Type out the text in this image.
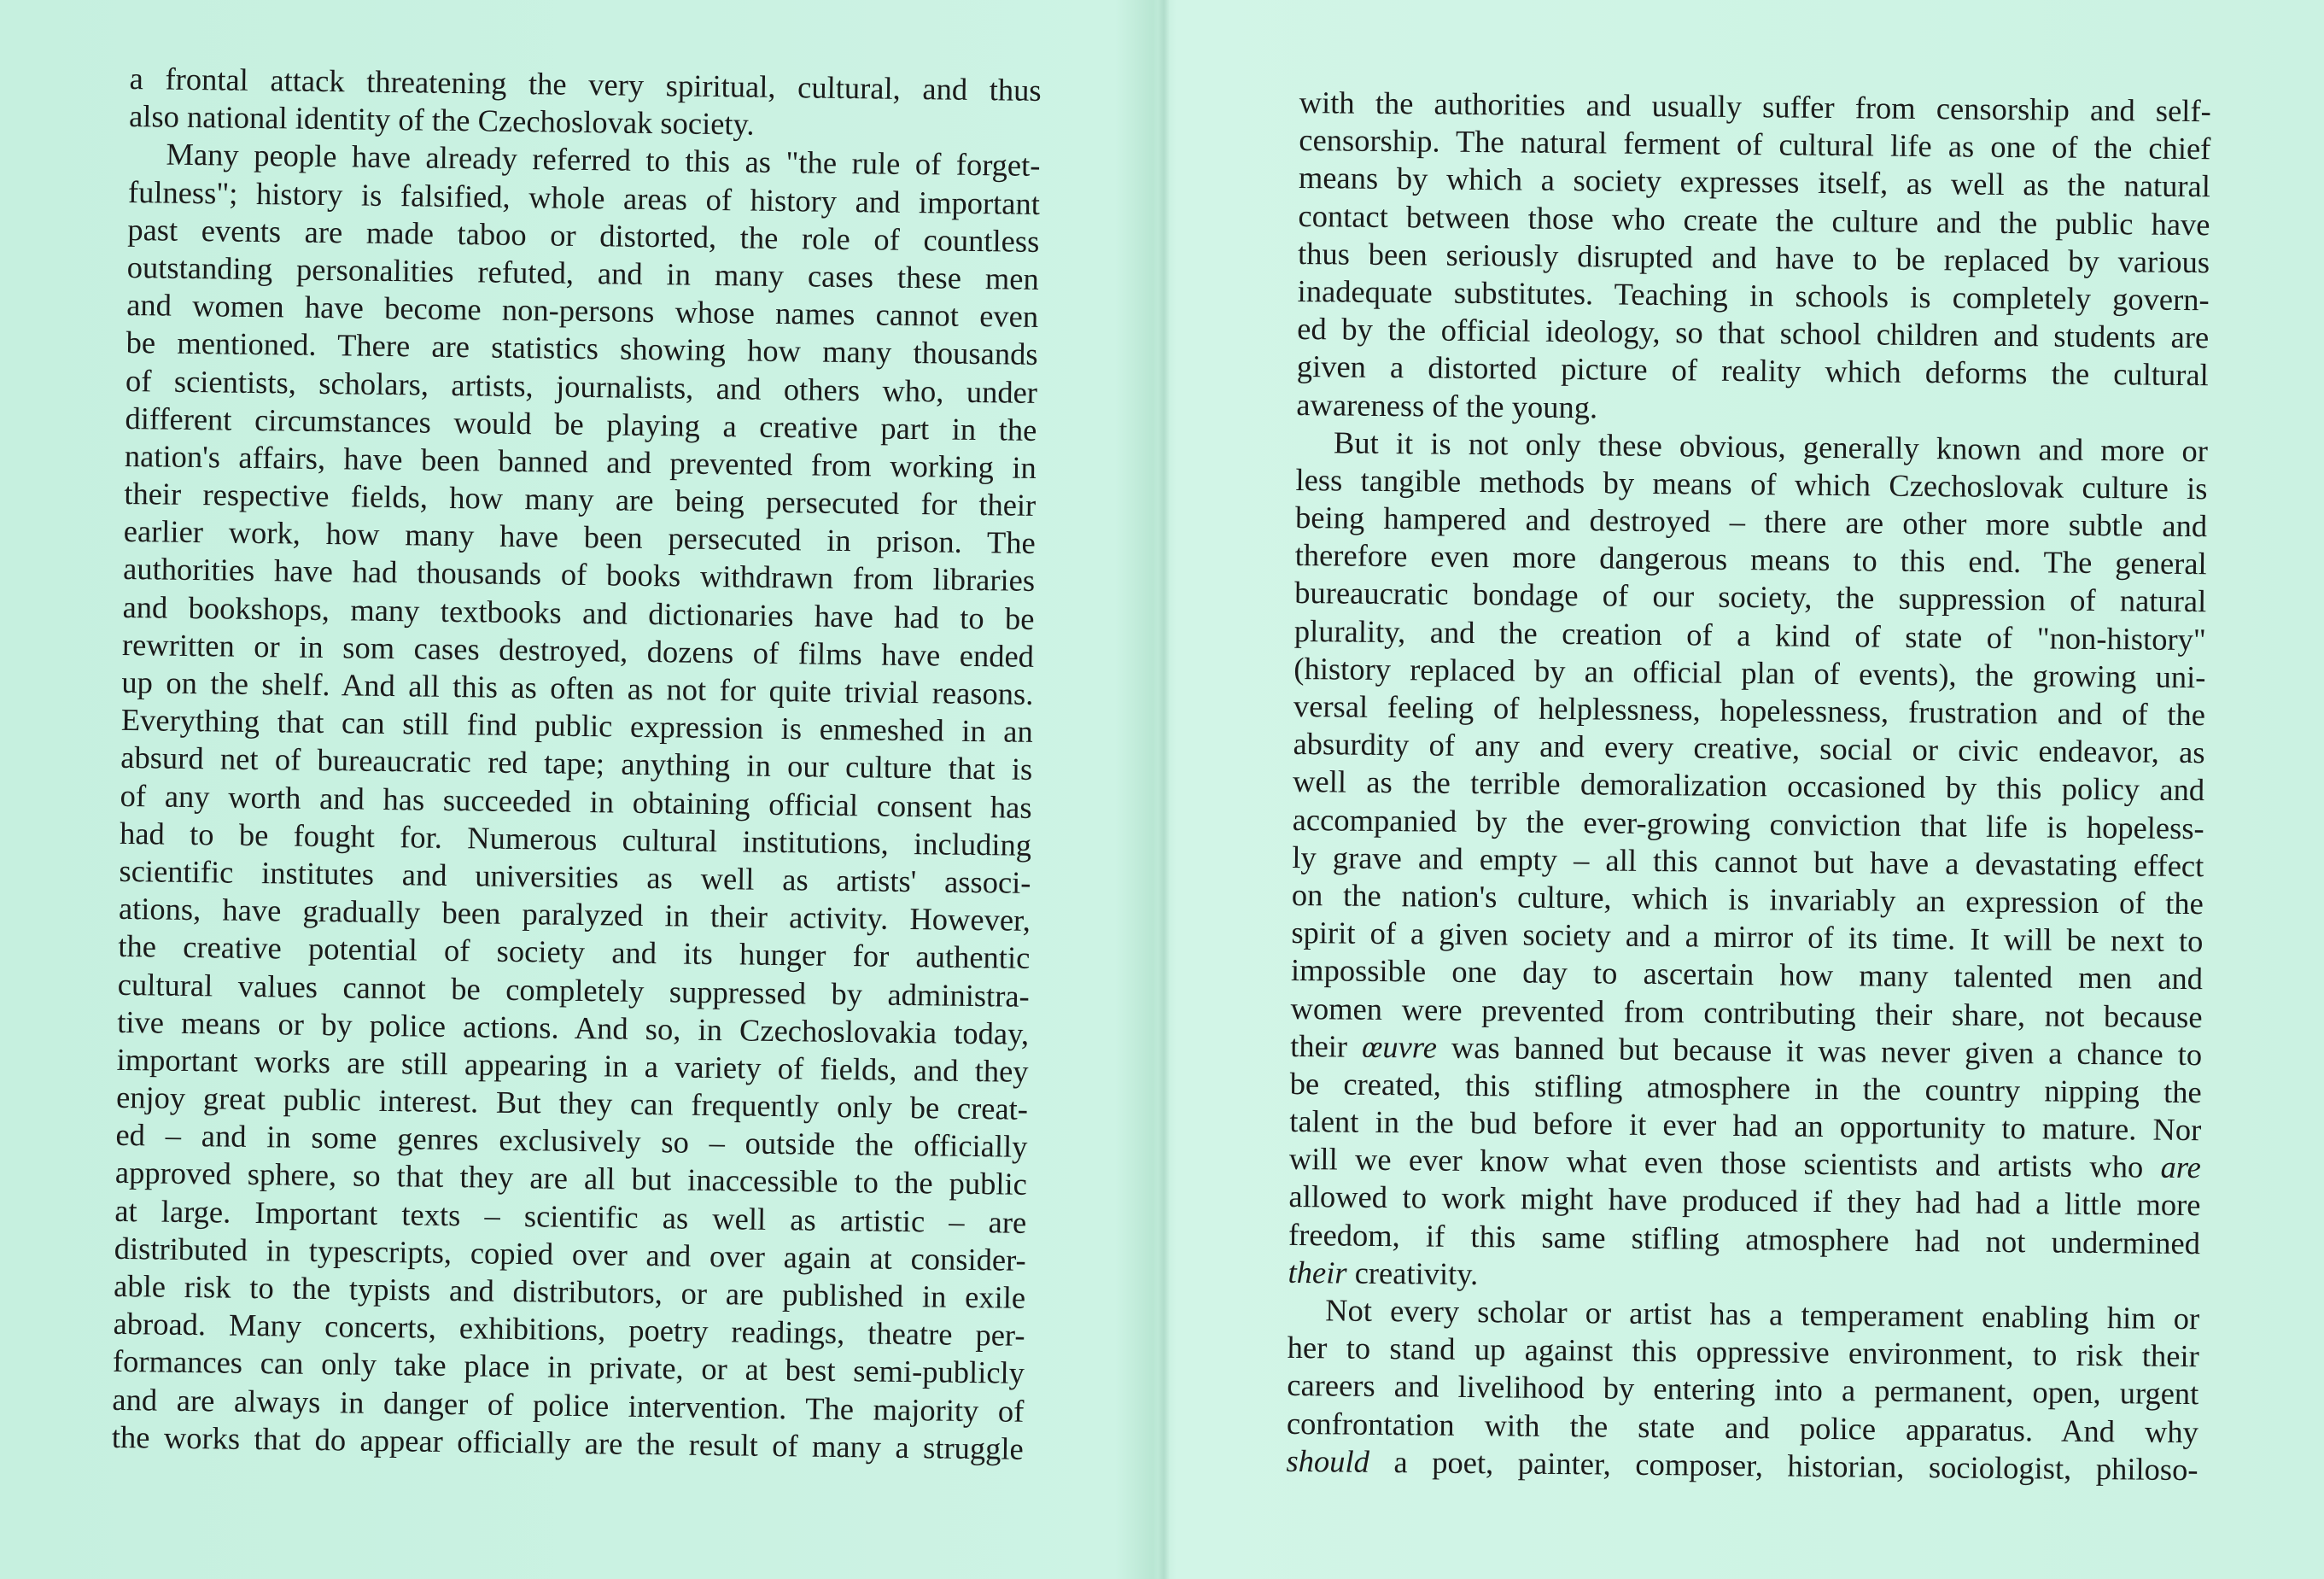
a frontal attack threatening the very spiritual, cultural, and thus
also national identity of the Czechoslovak society.
Many people have already referred to this as "the rule of forget-
fulness"; history is falsified, whole areas of history and important
past events are made taboo or distorted, the role of countless
outstanding personalities refuted, and in many cases these men
and women have become non-persons whose names cannot even
be mentioned. There are statistics showing how many thousands
of scientists, scholars, artists, journalists, and others who, under
different circumstances would be playing a creative part in the
nation's affairs, have been banned and prevented from working in
their respective fields, how many are being persecuted for their
earlier work, how many have been persecuted in prison. The
authorities have had thousands of books withdrawn from libraries
and bookshops, many textbooks and dictionaries have had to be
rewritten or in som cases destroyed, dozens of films have ended
up on the shelf. And all this as often as not for quite trivial reasons.
Everything that can still find public expression is enmeshed in an
absurd net of bureaucratic red tape; anything in our culture that is
of any worth and has succeeded in obtaining official consent has
had to be fought for. Numerous cultural institutions, including
scientific institutes and universities as well as artists' associ-
ations, have gradually been paralyzed in their activity. However,
the creative potential of society and its hunger for authentic
cultural values cannot be completely suppressed by administra-
tive means or by police actions. And so, in Czechoslovakia today,
important works are still appearing in a variety of fields, and they
enjoy great public interest. But they can frequently only be creat-
ed – and in some genres exclusively so – outside the officially
approved sphere, so that they are all but inaccessible to the public
at large. Important texts – scientific as well as artistic – are
distributed in typescripts, copied over and over again at consider-
able risk to the typists and distributors, or are published in exile
abroad. Many concerts, exhibitions, poetry readings, theatre per-
formances can only take place in private, or at best semi-publicly
and are always in danger of police intervention. The majority of
the works that do appear officially are the result of many a struggle
with the authorities and usually suffer from censorship and self-
censorship. The natural ferment of cultural life as one of the chief
means by which a society expresses itself, as well as the natural
contact between those who create the culture and the public have
thus been seriously disrupted and have to be replaced by various
inadequate substitutes. Teaching in schools is completely govern-
ed by the official ideology, so that school children and students are
given a distorted picture of reality which deforms the cultural
awareness of the young.
But it is not only these obvious, generally known and more or
less tangible methods by means of which Czechoslovak culture is
being hampered and destroyed – there are other more subtle and
therefore even more dangerous means to this end. The general
bureaucratic bondage of our society, the suppression of natural
plurality, and the creation of a kind of state of "non-history"
(history replaced by an official plan of events), the growing uni-
versal feeling of helplessness, hopelessness, frustration and of the
absurdity of any and every creative, social or civic endeavor, as
well as the terrible demoralization occasioned by this policy and
accompanied by the ever-growing conviction that life is hopeless-
ly grave and empty – all this cannot but have a devastating effect
on the nation's culture, which is invariably an expression of the
spirit of a given society and a mirror of its time. It will be next to
impossible one day to ascertain how many talented men and
women were prevented from contributing their share, not because
their œuvre was banned but because it was never given a chance to
be created, this stifling atmosphere in the country nipping the
talent in the bud before it ever had an opportunity to mature. Nor
will we ever know what even those scientists and artists who are
allowed to work might have produced if they had had a little more
freedom, if this same stifling atmosphere had not undermined
their creativity.
Not every scholar or artist has a temperament enabling him or
her to stand up against this oppressive environment, to risk their
careers and livelihood by entering into a permanent, open, urgent
confrontation with the state and police apparatus. And why
should a poet, painter, composer, historian, sociologist, philoso-
